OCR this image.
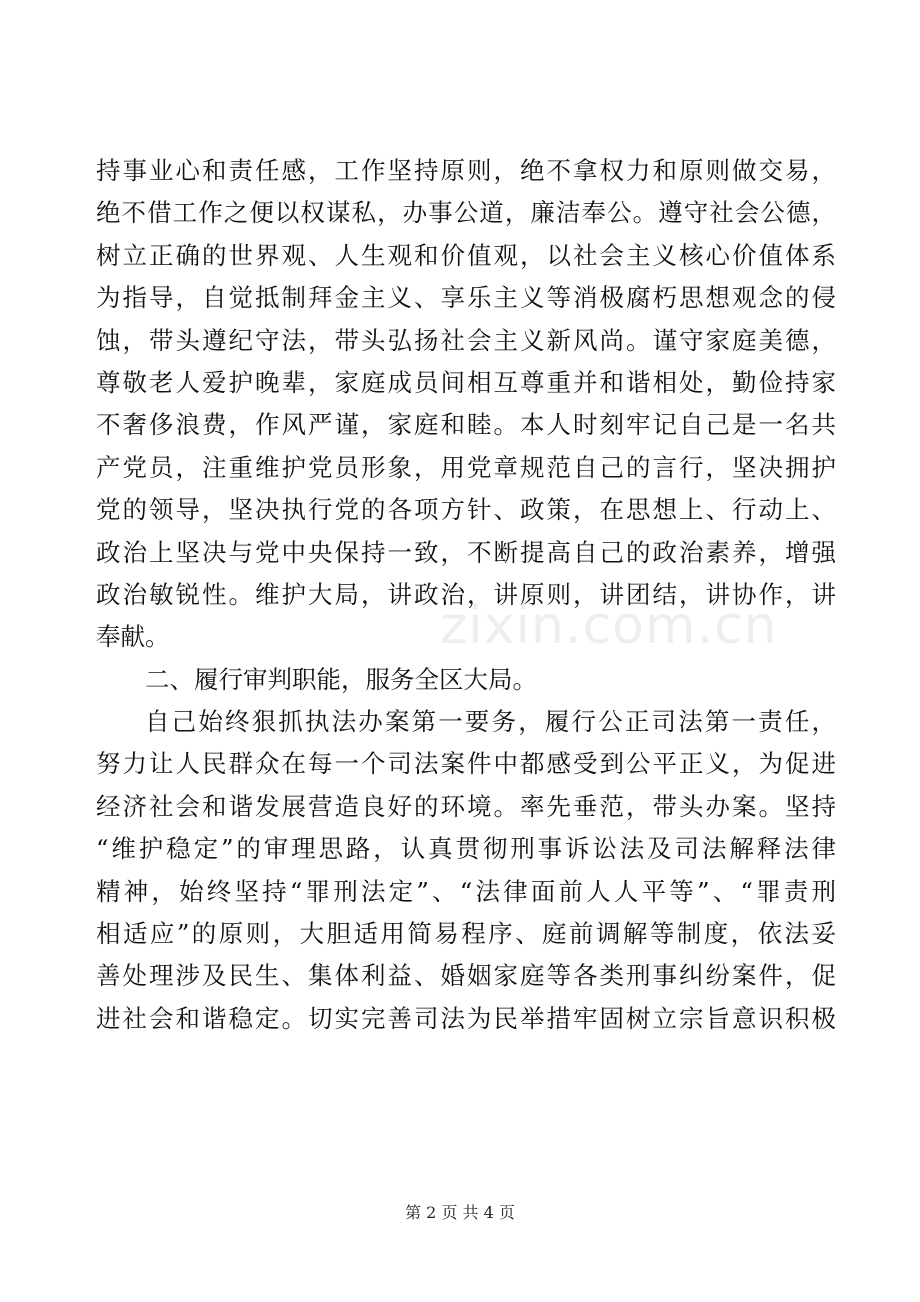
持事业心和责任感，工作坚持原则，绝不拿权力和原则做交易，
绝不借工作之便以权谋私，办事公道，廉洁奉公。遵守社会公德，
树立正确的世界观、人生观和价值观，以社会主义核心价值体系
为指导，自觉抵制拜金主义、享乐主义等消极腐朽思想观念的侵
蚀，带头遵纪守法，带头弘扬社会主义新风尚。谨守家庭美德，
尊敬老人爱护晚辈，家庭成员间相互尊重并和谐相处，勤俭持家
不奢侈浪费，作风严谨，家庭和睦。本人时刻牢记自己是一名共
产党员，注重维护党员形象，用党章规范自己的言行，坚决拥护
党的领导，坚决执行党的各项方针、政策，在思想上、行动上、
政治上坚决与党中央保持一致，不断提高自己的政治素养，增强
政治敏锐性。维护大局，讲政治，讲原则，讲团结，讲协作，讲
奉献。
二、履行审判职能，服务全区大局。
自己始终狠抓执法办案第一要务，履行公正司法第一责任，
努力让人民群众在每一个司法案件中都感受到公平正义，为促进
经济社会和谐发展营造良好的环境。率先垂范，带头办案。坚持
“维护稳定”的审理思路，认真贯彻刑事诉讼法及司法解释法律
精神，始终坚持“罪刑法定”、“法律面前人人平等”、“罪责刑
相适应”的原则，大胆适用简易程序、庭前调解等制度，依法妥
善处理涉及民生、集体利益、婚姻家庭等各类刑事纠纷案件，促
进社会和谐稳定。切实完善司法为民举措牢固树立宗旨意识积极
zixin.com.cn
第 2 页 共 4 页
